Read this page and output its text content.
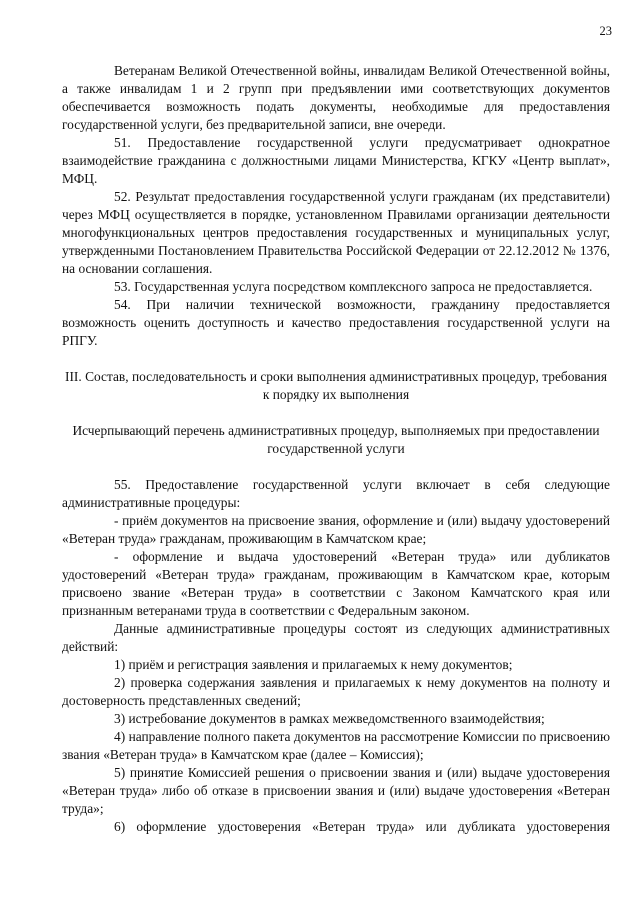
23

Ветеранам Великой Отечественной войны, инвалидам Великой Отечественной войны, а также инвалидам 1 и 2 групп при предъявлении ими соответствующих документов обеспечивается возможность подать документы, необходимые для предоставления государственной услуги, без предварительной записи, вне очереди.

51. Предоставление государственной услуги предусматривает однократное взаимодействие гражданина с должностными лицами Министерства, КГКУ «Центр выплат», МФЦ.

52. Результат предоставления государственной услуги гражданам (их представители) через МФЦ осуществляется в порядке, установленном Правилами организации деятельности многофункциональных центров предоставления государственных и муниципальных услуг, утвержденными Постановлением Правительства Российской Федерации от 22.12.2012 № 1376, на основании соглашения.

53. Государственная услуга посредством комплексного запроса не предоставляется.

54. При наличии технической возможности, гражданину предоставляется возможность оценить доступность и качество предоставления государственной услуги на РПГУ.

III. Состав, последовательность и сроки выполнения административных процедур, требования к порядку их выполнения

Исчерпывающий перечень административных процедур, выполняемых при предоставлении государственной услуги

55. Предоставление государственной услуги включает в себя следующие административные процедуры:

- приём документов на присвоение звания, оформление и (или) выдачу удостоверений «Ветеран труда» гражданам, проживающим в Камчатском крае;

- оформление и выдача удостоверений «Ветеран труда» или дубликатов удостоверений «Ветеран труда» гражданам, проживающим в Камчатском крае, которым присвоено звание «Ветеран труда» в соответствии с Законом Камчатского края или признанным ветеранами труда в соответствии с Федеральным законом.

Данные административные процедуры состоят из следующих административных действий:

1) приём и регистрация заявления и прилагаемых к нему документов;

2) проверка содержания заявления и прилагаемых к нему документов на полноту и достоверность представленных сведений;

3) истребование документов в рамках межведомственного взаимодействия;

4) направление полного пакета документов на рассмотрение Комиссии по присвоению звания «Ветеран труда» в Камчатском крае (далее – Комиссия);

5) принятие Комиссией решения о присвоении звания и (или) выдаче удостоверения «Ветеран труда» либо об отказе в присвоении звания и (или) выдаче удостоверения «Ветеран труда»;

6) оформление удостоверения «Ветеран труда» или дубликата удостоверения
